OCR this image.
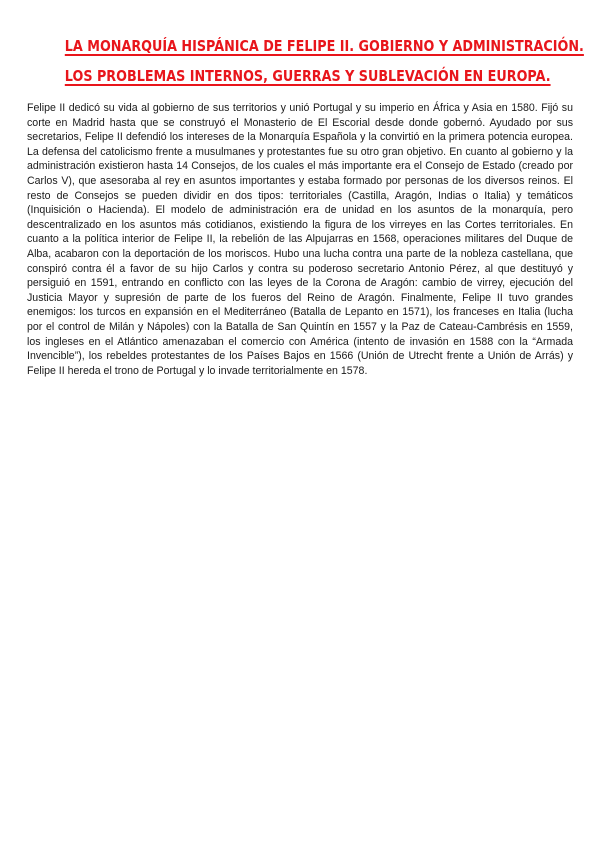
LA MONARQUÍA HISPÁNICA DE FELIPE II. GOBIERNO Y ADMINISTRACIÓN.
LOS PROBLEMAS INTERNOS, GUERRAS Y SUBLEVACIÓN EN EUROPA.

Felipe II dedicó su vida al gobierno de sus territorios y unió Portugal y su imperio en África y Asia en 1580. Fijó su corte en Madrid hasta que se construyó el Monasterio de El Escorial desde donde gobernó. Ayudado por sus secretarios, Felipe II defendió los intereses de la Monarquía Española y la convirtió en la primera potencia europea. La defensa del catolicismo frente a musulmanes y protestantes fue su otro gran objetivo. En cuanto al gobierno y la administración existieron hasta 14 Consejos, de los cuales el más importante era el Consejo de Estado (creado por Carlos V), que asesoraba al rey en asuntos importantes y estaba formado por personas de los diversos reinos. El resto de Consejos se pueden dividir en dos tipos: territoriales (Castilla, Aragón, Indias o Italia) y temáticos (Inquisición o Hacienda). El modelo de administración era de unidad en los asuntos de la monarquía, pero descentralizado en los asuntos más cotidianos, existiendo la figura de los virreyes en las Cortes territoriales. En cuanto a la política interior de Felipe II, la rebelión de las Alpujarras en 1568, operaciones militares del Duque de Alba, acabaron con la deportación de los moriscos. Hubo una lucha contra una parte de la nobleza castellana, que conspiró contra él a favor de su hijo Carlos y contra su poderoso secretario Antonio Pérez, al que destituyó y persiguió en 1591, entrando en conflicto con las leyes de la Corona de Aragón: cambio de virrey, ejecución del Justicia Mayor y supresión de parte de los fueros del Reino de Aragón. Finalmente, Felipe II tuvo grandes enemigos: los turcos en expansión en el Mediterráneo (Batalla de Lepanto en 1571), los franceses en Italia (lucha por el control de Milán y Nápoles) con la Batalla de San Quintín en 1557 y la Paz de Cateau-Cambrésis en 1559, los ingleses en el Atlántico amenazaban el comercio con América (intento de invasión en 1588 con la “Armada Invencible”), los rebeldes protestantes de los Países Bajos en 1566 (Unión de Utrecht frente a Unión de Arrás) y Felipe II hereda el trono de Portugal y lo invade territorialmente en 1578.
